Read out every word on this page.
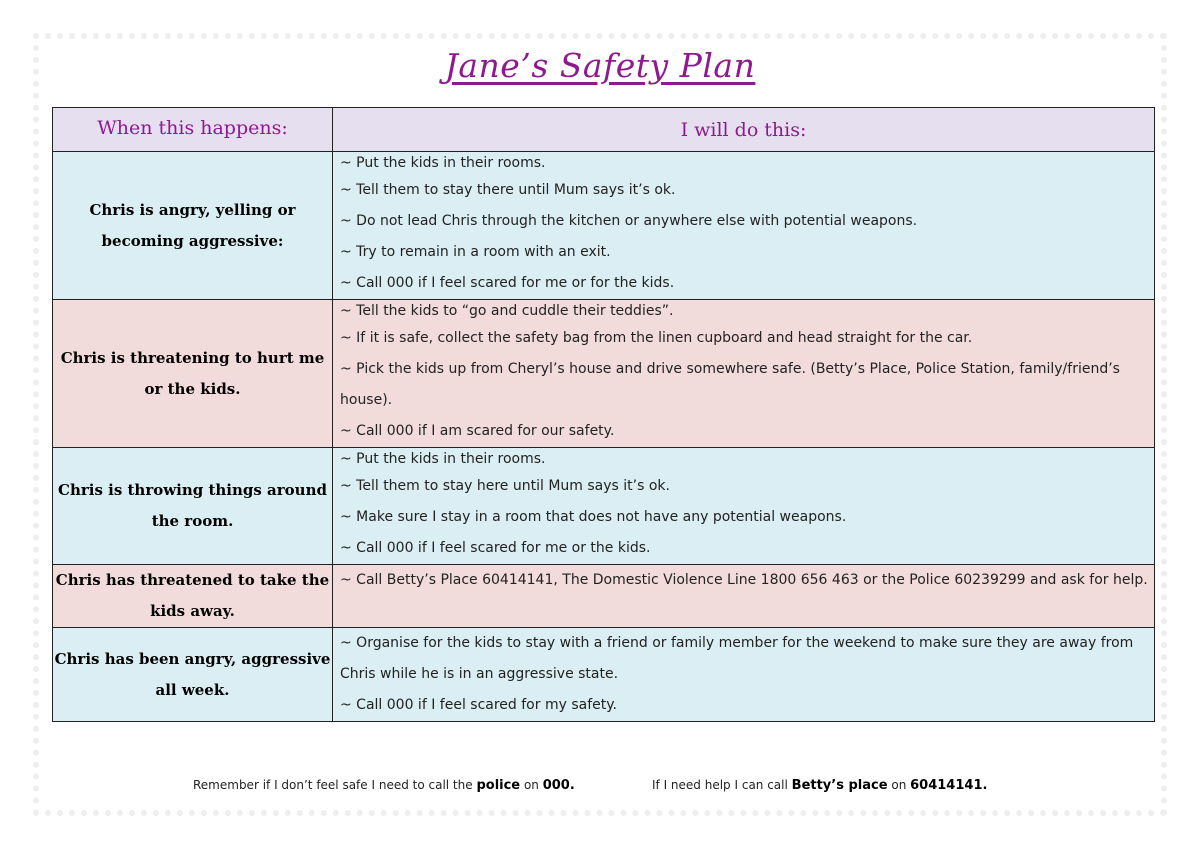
Jane’s Safety Plan
When this happens:	I will do this:
Chris is angry, yelling or becoming aggressive:	~ Put the kids in their rooms.
~ Tell them to stay there until Mum says it’s ok.
~ Do not lead Chris through the kitchen or anywhere else with potential weapons.
~ Try to remain in a room with an exit.
~ Call 000 if I feel scared for me or for the kids.

Chris is threatening to hurt me or the kids.	~ Tell the kids to “go and cuddle their teddies”.
~ If it is safe, collect the safety bag from the linen cupboard and head straight for the car.
~ Pick the kids up from Cheryl’s house and drive somewhere safe. (Betty’s Place, Police Station, family/friend’s house).
~ Call 000 if I am scared for our safety.

Chris is throwing things around the room.	~ Put the kids in their rooms.
~ Tell them to stay here until Mum says it’s ok.
~ Make sure I stay in a room that does not have any potential weapons.
~ Call 000 if I feel scared for me or the kids.

Chris has threatened to take the kids away.	~ Call Betty’s Place 60414141, The Domestic Violence Line 1800 656 463 or the Police 60239299 and ask for help.

Chris has been angry, aggressive all week.	~ Organise for the kids to stay with a friend or family member for the weekend to make sure they are away from Chris while he is in an aggressive state.
~ Call 000 if I feel scared for my safety.
Remember if I don’t feel safe I need to call the police on 000.	If I need help I can call Betty’s place on 60414141.
